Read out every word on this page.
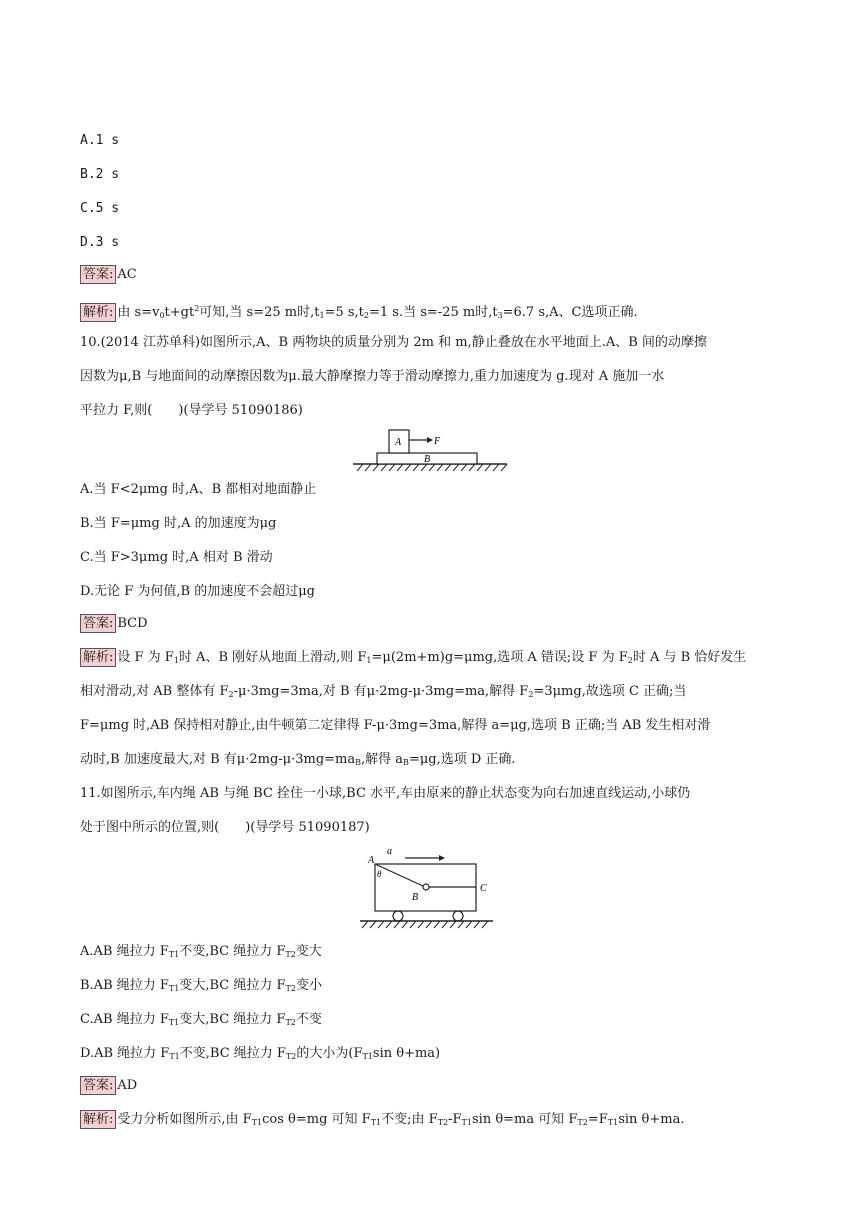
A.1 s
B.2 s
C.5 s
D.3 s
答案: AC
解析: 由 $s=v_0t+gt^2$可知,当 s=25 m时$,t_1=5$ $s,t_2=1$ s.当 s=-25 m时$,t_3=6.7$ s,A、C选项正确.
10.(2014 江苏单科)如图所示,A、B 两物块的质量分别为 2m 和 m,静止叠放在水平地面上.A、B 间的动摩擦
因数为μ,B 与地面间的动摩擦因数为μ.最大静摩擦力等于滑动摩擦力,重力加速度为 g.现对 A 施加一水
平拉力 F,则(　　)(导学号 51090186)
B
A	F
A.当 F<2μmg 时,A、B 都相对地面静止
B.当 F=μmg 时,A 的加速度为μg
C.当 F>3μmg 时,A 相对 B 滑动
D.无论 F 为何值,B 的加速度不会超过μg
答案: BCD
解析: 设 F 为 $F_1$时 A、B 刚好从地面上滑动,则 $F_1=\mu(2m+m)g=\mu mg$,选项 A 错误;设 F 为 $F_2$时 A 与 B 恰好发生
相对滑动,对 AB 整体有 $F_2-\mu\cdot 3mg=3ma$,对 B 有μ·2mg-μ·3mg=ma,解得 $F_2=3\mu mg$,故选项 C 正确;当
F=μmg 时,AB 保持相对静止,由牛顿第二定律得 F-μ·3mg=3ma,解得 a=μg,选项 B 正确;当 AB 发生相对滑
动时,B 加速度最大,对 B 有$\mu\cdot 2mg-\mu\cdot 3mg=ma_B$,解得 $a_B=\mu g$,选项 D 正确.
11.如图所示,车内绳 AB 与绳 BC 拴住一小球,BC 水平,车由原来的静止状态变为向右加速直线运动,小球仍
处于图中所示的位置,则(　　)(导学号 51090187)
a
A
θ
B
C
A.AB 绳拉力 $F_{T1}$不变,BC 绳拉力 $F_{T2}$变大
B.AB 绳拉力 $F_{T1}$变大,BC 绳拉力 $F_{T2}$变小
C.AB 绳拉力 $F_{T1}$变大,BC 绳拉力 $F_{T2}$不变
D.AB 绳拉力 $F_{T1}$不变,BC 绳拉力 $F_{T2}$的大小为($F_{T1}\sin$ θ+ma)
答案: AD
解析: 受力分析如图所示,由 $F_{T1}\cos$ θ=mg 可知 $F_{T1}$不变;由 $F_{T2}-F_{T1}\sin$ θ=ma 可知 $F_{T2}=F_{T1}\sin$ θ+ma.
